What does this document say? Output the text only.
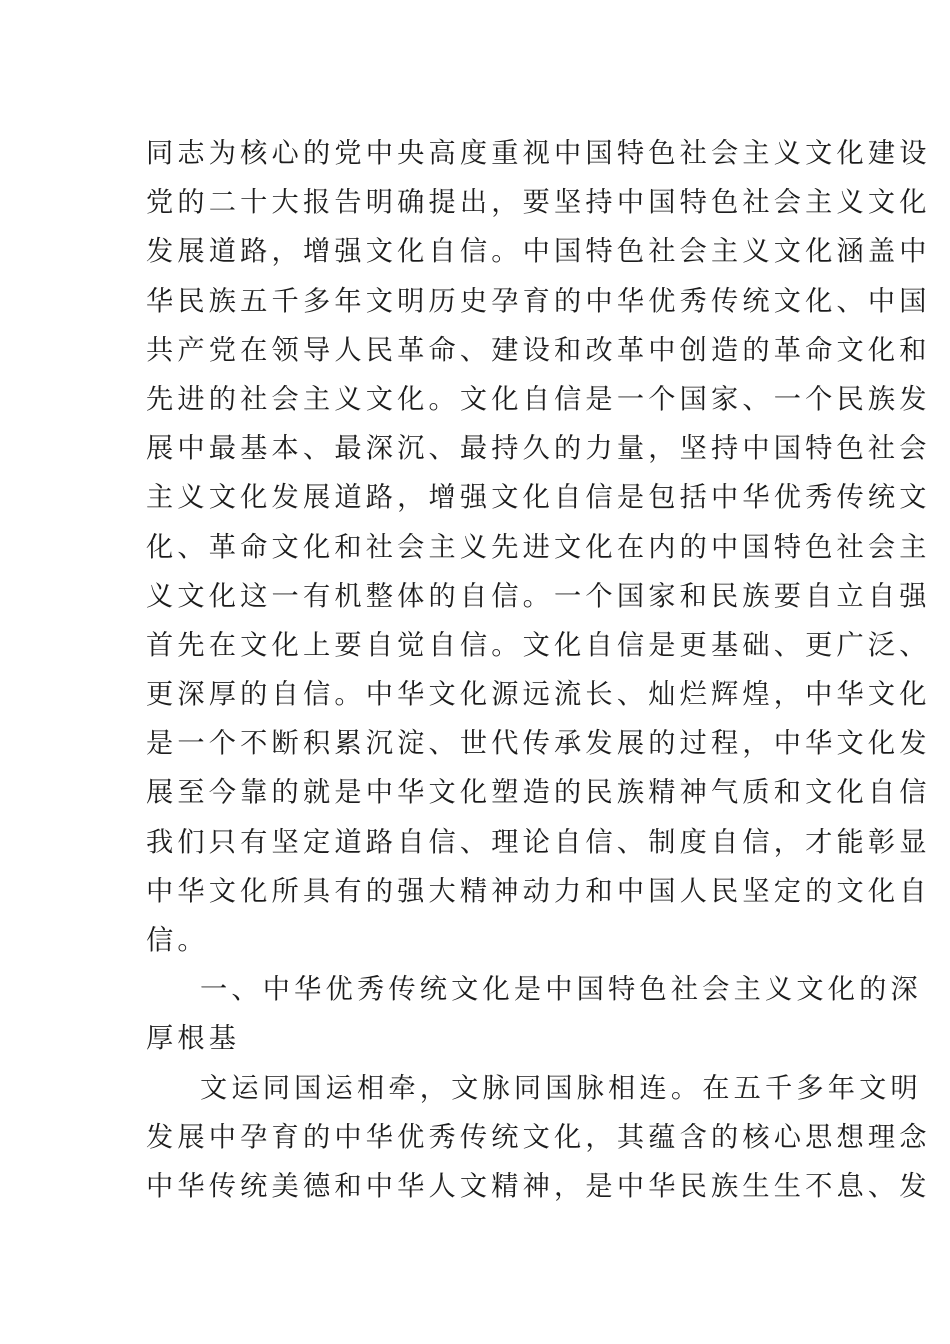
同志为核心的党中央高度重视中国特色社会主义文化建设
党的二十大报告明确提出，要坚持中国特色社会主义文化
发展道路，增强文化自信。中国特色社会主义文化涵盖中
华民族五千多年文明历史孕育的中华优秀传统文化、中国
共产党在领导人民革命、建设和改革中创造的革命文化和
先进的社会主义文化。文化自信是一个国家、一个民族发
展中最基本、最深沉、最持久的力量，坚持中国特色社会
主义文化发展道路，增强文化自信是包括中华优秀传统文
化、革命文化和社会主义先进文化在内的中国特色社会主
义文化这一有机整体的自信。一个国家和民族要自立自强
首先在文化上要自觉自信。文化自信是更基础、更广泛、
更深厚的自信。中华文化源远流长、灿烂辉煌，中华文化
是一个不断积累沉淀、世代传承发展的过程，中华文化发
展至今靠的就是中华文化塑造的民族精神气质和文化自信
我们只有坚定道路自信、理论自信、制度自信，才能彰显
中华文化所具有的强大精神动力和中国人民坚定的文化自
信。
一、中华优秀传统文化是中国特色社会主义文化的深
厚根基
文运同国运相牵，文脉同国脉相连。在五千多年文明
发展中孕育的中华优秀传统文化，其蕴含的核心思想理念
中华传统美德和中华人文精神，是中华民族生生不息、发
